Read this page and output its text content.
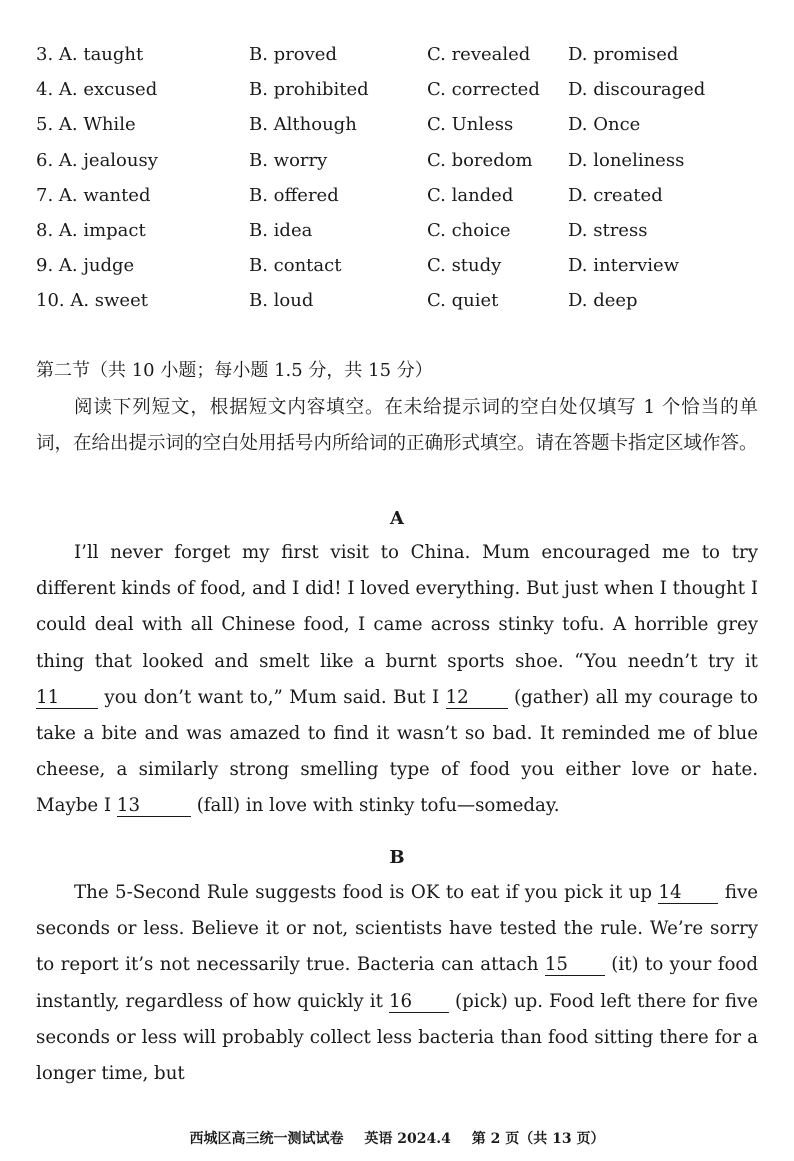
3. A. taught	B. proved	C. revealed D. promised
4. A. excused	B. prohibited	C. corrected D. discouraged
5. A. While	B. Although	C. Unless	D. Once
6. A. jealousy	B. worry	C. boredom D. loneliness
7. A. wanted	B. offered	C. landed	D. created
8. A. impact	B. idea	C. choice	D. stress
9. A. judge	B. contact	C. study	D. interview
10. A. sweet	B. loud	C. quiet	D. deep
第二节（共 10 小题；每小题 1.5 分，共 15 分）

阅读下列短文，根据短文内容填空。在未给提示词的空白处仅填写 1 个恰当的单词，在给出提示词的空白处用括号内所给词的正确形式填空。请在答题卡指定区域作答。

A

I’ll never forget my first visit to China. Mum encouraged me to try different kinds of food, and I did! I loved everything. But just when I thought I could deal with all Chinese food, I came across stinky tofu. A horrible grey thing that looked and smelt like a burnt sports shoe. “You needn’t try it 11 you don’t want to,” Mum said. But I 12 (gather) all my courage to take a bite and was amazed to find it wasn’t so bad. It reminded me of blue cheese, a similarly strong smelling type of food you either love or hate. Maybe I 13	(fall) in love with stinky tofu—someday.

B

The 5-Second Rule suggests food is OK to eat if you pick it up 14 five seconds or less. Believe it or not, scientists have tested the rule. We’re sorry to report it’s not necessarily true. Bacteria can attach 15 (it) to your food instantly, regardless of how quickly it 16 (pick) up. Food left there for five seconds or less will probably collect less bacteria than food sitting there for a longer time, but

西城区高三统一测试试卷 英语 2024.4 第 2 页（共 13 页）
